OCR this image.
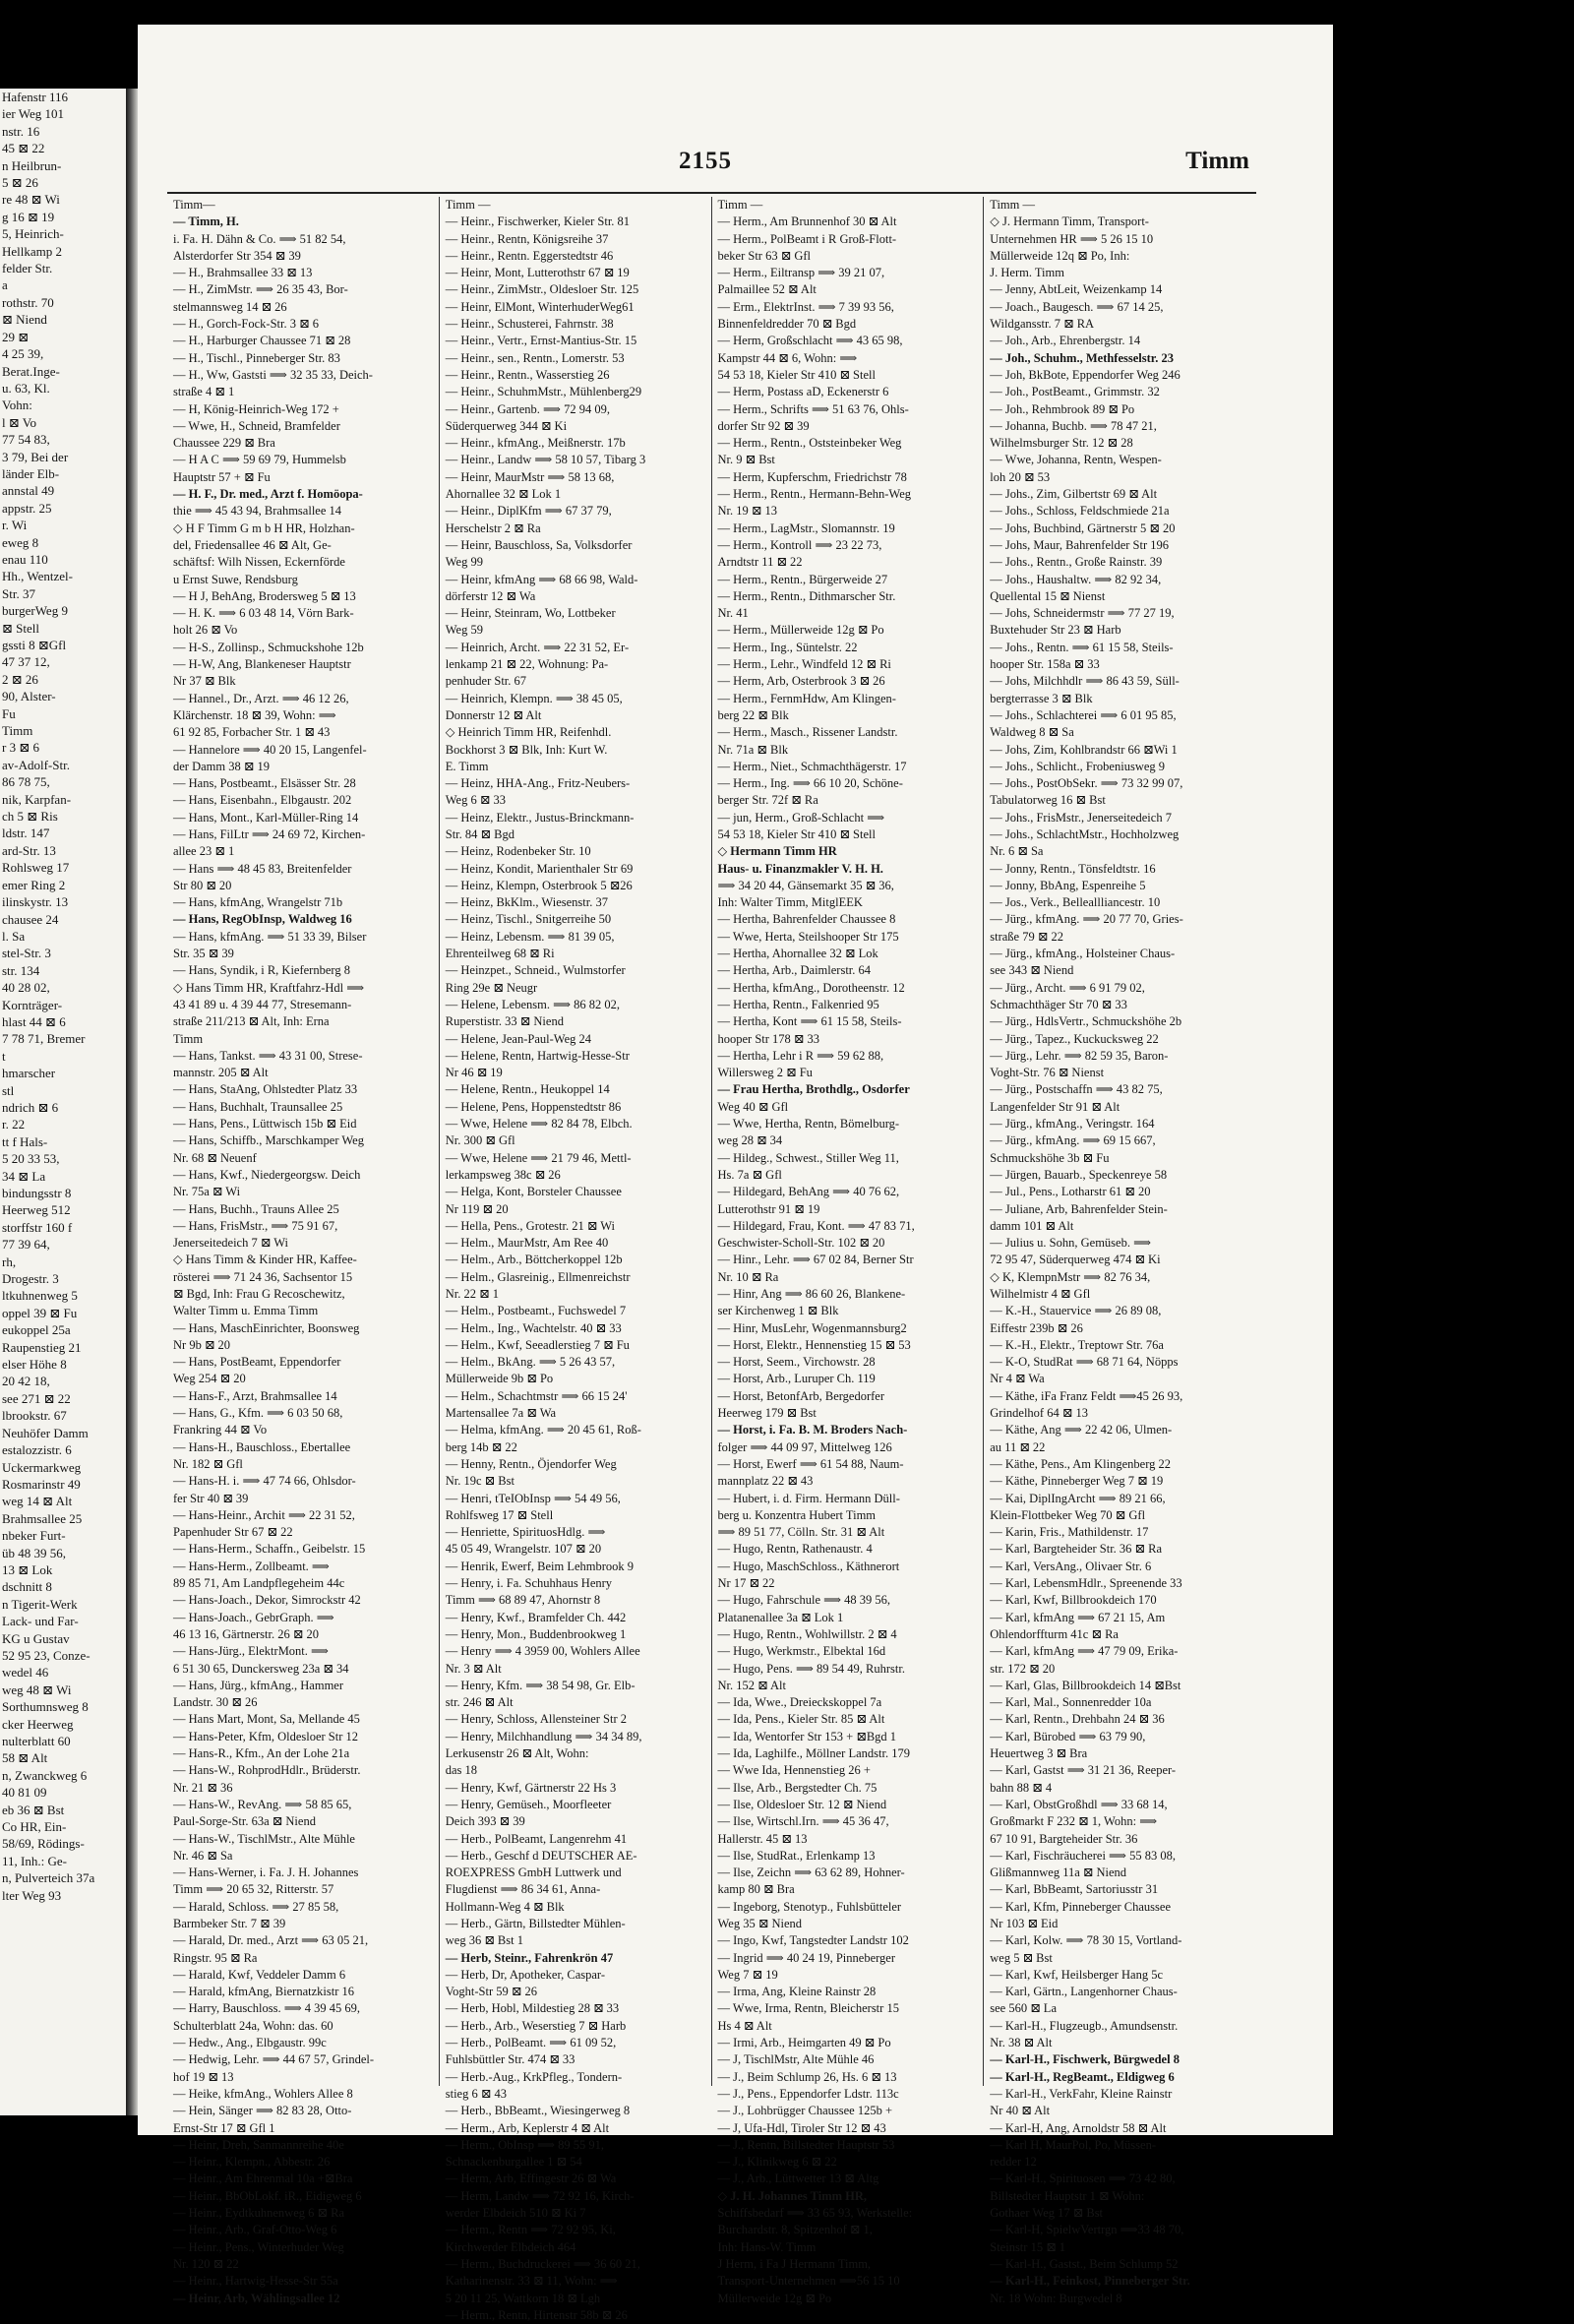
Hafenstr 116
ier Weg 101
nstr. 16
45 ⊠ 22
n Heilbrun-
5 ⊠ 26
re 48 ⊠ Wi
g 16 ⊠ 19
5, Heinrich-
Hellkamp 2
felder Str.
a
rothstr. 70
⊠ Niend
29 ⊠
4 25 39,
Berat.Inge-
u. 63, Kl.
Vohn:
l ⊠ Vo
77 54 83,
3 79, Bei der
länder Elb-
annstal 49
appstr. 25
r. Wi
eweg 8
enau 110
Hh., Wentzel-
Str. 37
burgerWeg 9
⊠ Stell
gssti 8 ⊠Gfl
47 37 12,
2 ⊠ 26
90, Alster-
Fu
Timm
r 3 ⊠ 6
av-Adolf-Str.
86 78 75,
nik, Karpfan-
ch 5 ⊠ Ris
ldstr. 147
ard-Str. 13
Rohlsweg 17
emer Ring 2
ilinskystr. 13
chausee 24
l. Sa
stel-Str. 3
str. 134
40 28 02,
Kornträger-
hlast 44 ⊠ 6
7 78 71, Bremer
t
hmarscher
stl
ndrich ⊠ 6
r. 22
tt f Hals-
5 20 33 53,
34 ⊠ La
bindungsstr 8
Heerweg 512
storffstr 160 f
77 39 64,
rh,
Drogestr. 3
ltkuhnenweg 5
oppel 39 ⊠ Fu
eukoppel 25a
Raupenstieg 21
elser Höhe 8
20 42 18,
see 271 ⊠ 22
lbrookstr. 67
Neuhöfer Damm
estalozzistr. 6
Uckermarkweg
Rosmarinstr 49
weg 14 ⊠ Alt
Brahmsallee 25
nbeker Furt-
üb 48 39 56,
13 ⊠ Lok
dschnitt 8
n Tigerit-Werk
Lack- und Far-
KG u Gustav
52 95 23, Conze-
wedel 46
weg 48 ⊠ Wi
Sorthumnsweg 8
cker Heerweg
nulterblatt 60
58 ⊠ Alt
n, Zwanckweg 6
40 81 09
eb 36 ⊠ Bst
Co HR, Ein-
58/69, Rödings-
11, Inh.: Ge-
n, Pulverteich 37a
lter Weg 93
2155	Timm
Timm—
— Timm, H.
i. Fa. H. Dähn & Co. ⟹ 51 82 54,
Alsterdorfer Str 354 ⊠ 39
— H., Brahmsallee 33 ⊠ 13
— H., ZimMstr. ⟹ 26 35 43, Bor-
stelmannsweg 14 ⊠ 26
— H., Gorch-Fock-Str. 3 ⊠ 6
— H., Harburger Chaussee 71 ⊠ 28
— H., Tischl., Pinneberger Str. 83
— H., Ww, Gaststi ⟹ 32 35 33, Deich-
straße 4 ⊠ 1
— H, König-Heinrich-Weg 172 +
— Wwe, H., Schneid, Bramfelder
Chaussee 229 ⊠ Bra
— H A C ⟹ 59 69 79, Hummelsb
Hauptstr 57 + ⊠ Fu
— H. F., Dr. med., Arzt f. Homöopa-
thie ⟹ 45 43 94, Brahmsallee 14
◇ H F Timm G m b H HR, Holzhan-
del, Friedensallee 46 ⊠ Alt, Ge-
schäftsf: Wilh Nissen, Eckernförde
u Ernst Suwe, Rendsburg
— H J, BehAng, Brodersweg 5 ⊠ 13
— H. K. ⟹ 6 03 48 14, Vörn Bark-
holt 26 ⊠ Vo
— H-S., Zollinsp., Schmuckshohe 12b
— H-W, Ang, Blankeneser Hauptstr
Nr 37 ⊠ Blk
— Hannel., Dr., Arzt. ⟹ 46 12 26,
Klärchenstr. 18 ⊠ 39, Wohn: ⟹
61 92 85, Forbacher Str. 1 ⊠ 43
— Hannelore ⟹ 40 20 15, Langenfel-
der Damm 38 ⊠ 19
— Hans, Postbeamt., Elsässer Str. 28
— Hans, Eisenbahn., Elbgaustr. 202
— Hans, Mont., Karl-Müller-Ring 14
— Hans, FilLtr ⟹ 24 69 72, Kirchen-
allee 23 ⊠ 1
— Hans ⟹ 48 45 83, Breitenfelder
Str 80 ⊠ 20
— Hans, kfmAng, Wrangelstr 71b
— Hans, RegObInsp, Waldweg 16
— Hans, kfmAng. ⟹ 51 33 39, Bilser
Str. 35 ⊠ 39
— Hans, Syndik, i R, Kiefernberg 8
◇ Hans Timm HR, Kraftfahrz-Hdl ⟹
43 41 89 u. 4 39 44 77, Stresemann-
straße 211/213 ⊠ Alt, Inh: Erna
Timm
— Hans, Tankst. ⟹ 43 31 00, Strese-
mannstr. 205 ⊠ Alt
— Hans, StaAng, Ohlstedter Platz 33
— Hans, Buchhalt, Traunsallee 25
— Hans, Pens., Lüttwisch 15b ⊠ Eid
— Hans, Schiffb., Marschkamper Weg
Nr. 68 ⊠ Neuenf
— Hans, Kwf., Niedergeorgsw. Deich
Nr. 75a ⊠ Wi
— Hans, Buchh., Trauns Allee 25
— Hans, FrisMstr., ⟹ 75 91 67,
Jenerseitedeich 7 ⊠ Wi
◇ Hans Timm & Kinder HR, Kaffee-
rösterei ⟹ 71 24 36, Sachsentor 15
⊠ Bgd, Inh: Frau G Recoschewitz,
Walter Timm u. Emma Timm
— Hans, MaschEinrichter, Boonsweg
Nr 9b ⊠ 20
— Hans, PostBeamt, Eppendorfer
Weg 254 ⊠ 20
— Hans-F., Arzt, Brahmsallee 14
— Hans, G., Kfm. ⟹ 6 03 50 68,
Frankring 44 ⊠ Vo
— Hans-H., Bauschloss., Ebertallee
Nr. 182 ⊠ Gfl
— Hans-H. i. ⟹ 47 74 66, Ohlsdor-
fer Str 40 ⊠ 39
— Hans-Heinr., Archit ⟹ 22 31 52,
Papenhuder Str 67 ⊠ 22
— Hans-Herm., Schaffn., Geibelstr. 15
— Hans-Herm., Zollbeamt. ⟹
89 85 71, Am Landpflegeheim 44c
— Hans-Joach., Dekor, Simrockstr 42
— Hans-Joach., GebrGraph. ⟹
46 13 16, Gärtnerstr. 26 ⊠ 20
— Hans-Jürg., ElektrMont. ⟹
6 51 30 65, Dunckersweg 23a ⊠ 34
— Hans, Jürg., kfmAng., Hammer
Landstr. 30 ⊠ 26
— Hans Mart, Mont, Sa, Mellande 45
— Hans-Peter, Kfm, Oldesloer Str 12
— Hans-R., Kfm., An der Lohe 21a
— Hans-W., RohprodHdlr., Brüderstr.
Nr. 21 ⊠ 36
— Hans-W., RevAng. ⟹ 58 85 65,
Paul-Sorge-Str. 63a ⊠ Niend
— Hans-W., TischlMstr., Alte Mühle
Nr. 46 ⊠ Sa
— Hans-Werner, i. Fa. J. H. Johannes
Timm ⟹ 20 65 32, Ritterstr. 57
— Harald, Schloss. ⟹ 27 85 58,
Barmbeker Str. 7 ⊠ 39
— Harald, Dr. med., Arzt ⟹ 63 05 21,
Ringstr. 95 ⊠ Ra
— Harald, Kwf, Veddeler Damm 6
— Harald, kfmAng, Biernatzkistr 16
— Harry, Bauschloss. ⟹ 4 39 45 69,
Schulterblatt 24a, Wohn: das. 60
— Hedw., Ang., Elbgaustr. 99c
— Hedwig, Lehr. ⟹ 44 67 57, Grindel-
hof 19 ⊠ 13
— Heike, kfmAng., Wohlers Allee 8
— Hein, Sänger ⟹ 82 83 28, Otto-
Ernst-Str 17 ⊠ Gfl 1
— Heinr, Dreh, Sanmannreihe 40e
— Heinr., Klempn., Abbestr. 26
— Heinr., Am Ehrenmal 10a +⊠Bra
— Heinr., BbObLokf. iR., Eidigweg 6
— Heinr., Eydtkuhnenweg 6 ⊠ Ra
— Heinr., Arb., Graf-Otto-Weg 6
— Heinr., Pens., Winterhuder Weg
Nr. 120 ⊠ 22
— Heinr., Hartwig-Hesse-Str 55a
— Heinr, Arb, Wählingsallee 12
Timm —
— Heinr., Fischwerker, Kieler Str. 81
— Heinr., Rentn, Königsreihe 37
— Heinr., Rentn. Eggerstedtstr 46
— Heinr, Mont, Lutterothstr 67 ⊠ 19
— Heinr., ZimMstr., Oldesloer Str. 125
— Heinr, ElMont, WinterhuderWeg61
— Heinr., Schusterei, Fahrnstr. 38
— Heinr., Vertr., Ernst-Mantius-Str. 15
— Heinr., sen., Rentn., Lomerstr. 53
— Heinr., Rentn., Wasserstieg 26
— Heinr., SchuhmMstr., Mühlenberg29
— Heinr., Gartenb. ⟹ 72 94 09,
Süderquerweg 344 ⊠ Ki
— Heinr., kfmAng., Meißnerstr. 17b
— Heinr., Landw ⟹ 58 10 57, Tibarg 3
— Heinr, MaurMstr ⟹ 58 13 68,
Ahornallee 32 ⊠ Lok 1
— Heinr., DiplKfm ⟹ 67 37 79,
Herschelstr 2 ⊠ Ra
— Heinr, Bauschloss, Sa, Volksdorfer
Weg 99
— Heinr, kfmAng ⟹ 68 66 98, Wald-
dörferstr 12 ⊠ Wa
— Heinr, Steinram, Wo, Lottbeker
Weg 59
— Heinrich, Archt. ⟹ 22 31 52, Er-
lenkamp 21 ⊠ 22, Wohnung: Pa-
penhuder Str. 67
— Heinrich, Klempn. ⟹ 38 45 05,
Donnerstr 12 ⊠ Alt
◇ Heinrich Timm HR, Reifenhdl.
Bockhorst 3 ⊠ Blk, Inh: Kurt W.
E. Timm
— Heinz, HHA-Ang., Fritz-Neubers-
Weg 6 ⊠ 33
— Heinz, Elektr., Justus-Brinckmann-
Str. 84 ⊠ Bgd
— Heinz, Rodenbeker Str. 10
— Heinz, Kondit, Marienthaler Str 69
— Heinz, Klempn, Osterbrook 5 ⊠26
— Heinz, BkKlm., Wiesenstr. 37
— Heinz, Tischl., Snitgerreihe 50
— Heinz, Lebensm. ⟹ 81 39 05,
Ehrenteilweg 68 ⊠ Ri
— Heinzpet., Schneid., Wulmstorfer
Ring 29e ⊠ Neugr
— Helene, Lebensm. ⟹ 86 82 02,
Ruperstistr. 33 ⊠ Niend
— Helene, Jean-Paul-Weg 24
— Helene, Rentn, Hartwig-Hesse-Str
Nr 46 ⊠ 19
— Helene, Rentn., Heukoppel 14
— Helene, Pens, Hoppenstedtstr 86
— Wwe, Helene ⟹ 82 84 78, Elbch.
Nr. 300 ⊠ Gfl
— Wwe, Helene ⟹ 21 79 46, Mettl-
lerkampsweg 38c ⊠ 26
— Helga, Kont, Borsteler Chaussee
Nr 119 ⊠ 20
— Hella, Pens., Grotestr. 21 ⊠ Wi
— Helm., MaurMstr, Am Ree 40
— Helm., Arb., Böttcherkoppel 12b
— Helm., Glasreinig., Ellmenreichstr
Nr. 22 ⊠ 1
— Helm., Postbeamt., Fuchswedel 7
— Helm., Ing., Wachtelstr. 40 ⊠ 33
— Helm., Kwf, Seeadlerstieg 7 ⊠ Fu
— Helm., BkAng. ⟹ 5 26 43 57,
Müllerweide 9b ⊠ Po
— Helm., Schachtmstr ⟹ 66 15 24'
Martensallee 7a ⊠ Wa
— Helma, kfmAng. ⟹ 20 45 61, Roß-
berg 14b ⊠ 22
— Henny, Rentn., Öjendorfer Weg
Nr. 19c ⊠ Bst
— Henri, tTeIObInsp ⟹ 54 49 56,
Rohlfsweg 17 ⊠ Stell
— Henriette, SpirituosHdlg. ⟹
45 05 49, Wrangelstr. 107 ⊠ 20
— Henrik, Ewerf, Beim Lehmbrook 9
— Henry, i. Fa. Schuhhaus Henry
Timm ⟹ 68 89 47, Ahornstr 8
— Henry, Kwf., Bramfelder Ch. 442
— Henry, Mon., Buddenbrookweg 1
— Henry ⟹ 4 3959 00, Wohlers Allee
Nr. 3 ⊠ Alt
— Henry, Kfm. ⟹ 38 54 98, Gr. Elb-
str. 246 ⊠ Alt
— Henry, Schloss, Allensteiner Str 2
— Henry, Milchhandlung ⟹ 34 34 89,
Lerkusenstr 26 ⊠ Alt, Wohn:
das 18
— Henry, Kwf, Gärtnerstr 22 Hs 3
— Henry, Gemüseh., Moorfleeter
Deich 393 ⊠ 39
— Herb., PolBeamt, Langenrehm 41
— Herb., Geschf d DEUTSCHER AE-
ROEXPRESS GmbH Luttwerk und
Flugdienst ⟹ 86 34 61, Anna-
Hollmann-Weg 4 ⊠ Blk
— Herb., Gärtn, Billstedter Mühlen-
weg 36 ⊠ Bst 1
— Herb, Steinr., Fahrenkrön 47
— Herb, Dr, Apotheker, Caspar-
Voght-Str 59 ⊠ 26
— Herb, Hobl, Mildestieg 28 ⊠ 33
— Herb., Arb., Weserstieg 7 ⊠ Harb
— Herb., PolBeamt. ⟹ 61 09 52,
Fuhlsbüttler Str. 474 ⊠ 33
— Herb.-Aug., KrkPfleg., Tondern-
stieg 6 ⊠ 43
— Herb., BbBeamt., Wiesingerweg 8
— Herm., Arb, Keplerstr 4 ⊠ Alt
— Herm., ObInsp ⟹ 89 55 91,
Schnackenburgallee 1 ⊠ 54
— Herm, Arb, Effingestr 26 ⊠ Wa
— Herm, Landw ⟹ 72 92 16, Kirch-
werder Elbdeich 510 ⊠ Ki 7
— Herm., Rentn ⟹ 72 92 95, Ki,
Kirchwerder Elbdeich 464
— Herm., Buchdruckerei ⟹ 36 60 21,
Katharinenstr. 33 ⊠ 11, Wohn: ⟹
5 20 11 25, Wattkorn 18 ⊠ Lgh
— Herm., Rentn, Hirtenstr 58b ⊠ 26
Timm —
— Herm., Am Brunnenhof 30 ⊠ Alt
— Herm., PolBeamt i R Groß-Flott-
beker Str 63 ⊠ Gfl
— Herm., Eiltransp ⟹ 39 21 07,
Palmaillee 52 ⊠ Alt
— Erm., ElektrInst. ⟹ 7 39 93 56,
Binnenfeldredder 70 ⊠ Bgd
— Herm, Großschlacht ⟹ 43 65 98,
Kampstr 44 ⊠ 6, Wohn: ⟹
54 53 18, Kieler Str 410 ⊠ Stell
— Herm, Postass aD, Eckenerstr 6
— Herm., Schrifts ⟹ 51 63 76, Ohls-
dorfer Str 92 ⊠ 39
— Herm., Rentn., Oststeinbeker Weg
Nr. 9 ⊠ Bst
— Herm, Kupferschm, Friedrichstr 78
— Herm., Rentn., Hermann-Behn-Weg
Nr. 19 ⊠ 13
— Herm., LagMstr., Slomannstr. 19
— Herm., Kontroll ⟹ 23 22 73,
Arndtstr 11 ⊠ 22
— Herm., Rentn., Bürgerweide 27
— Herm., Rentn., Dithmarscher Str.
Nr. 41
— Herm., Müllerweide 12g ⊠ Po
— Herm., Ing., Süntelstr. 22
— Herm., Lehr., Windfeld 12 ⊠ Ri
— Herm, Arb, Osterbrook 3 ⊠ 26
— Herm., FernmHdw, Am Klingen-
berg 22 ⊠ Blk
— Herm., Masch., Rissener Landstr.
Nr. 71a ⊠ Blk
— Herm., Niet., Schmachthägerstr. 17
— Herm., Ing. ⟹ 66 10 20, Schöne-
berger Str. 72f ⊠ Ra
— jun, Herm., Groß-Schlacht ⟹
54 53 18, Kieler Str 410 ⊠ Stell
◇ Hermann Timm HR
Haus- u. Finanzmakler V. H. H.
⟹ 34 20 44, Gänsemarkt 35 ⊠ 36,
Inh: Walter Timm, MitglEEK
— Hertha, Bahrenfelder Chaussee 8
— Wwe, Herta, Steilshooper Str 175
— Hertha, Ahornallee 32 ⊠ Lok
— Hertha, Arb., Daimlerstr. 64
— Hertha, kfmAng., Dorotheenstr. 12
— Hertha, Rentn., Falkenried 95
— Hertha, Kont ⟹ 61 15 58, Steils-
hooper Str 178 ⊠ 33
— Hertha, Lehr i R ⟹ 59 62 88,
Willersweg 2 ⊠ Fu
— Frau Hertha, Brothdlg., Osdorfer
Weg 40 ⊠ Gfl
— Wwe, Hertha, Rentn, Bömelburg-
weg 28 ⊠ 34
— Hildeg., Schwest., Stiller Weg 11,
Hs. 7a ⊠ Gfl
— Hildegard, BehAng ⟹ 40 76 62,
Lutterothstr 91 ⊠ 19
— Hildegard, Frau, Kont. ⟹ 47 83 71,
Geschwister-Scholl-Str. 102 ⊠ 20
— Hinr., Lehr. ⟹ 67 02 84, Berner Str
Nr. 10 ⊠ Ra
— Hinr, Ang ⟹ 86 60 26, Blankene-
ser Kirchenweg 1 ⊠ Blk
— Hinr, MusLehr, Wogenmannsburg2
— Horst, Elektr., Hennenstieg 15 ⊠ 53
— Horst, Seem., Virchowstr. 28
— Horst, Arb., Luruper Ch. 119
— Horst, BetonfArb, Bergedorfer
Heerweg 179 ⊠ Bst
— Horst, i. Fa. B. M. Broders Nach-
folger ⟹ 44 09 97, Mittelweg 126
— Horst, Ewerf ⟹ 61 54 88, Naum-
mannplatz 22 ⊠ 43
— Hubert, i. d. Firm. Hermann Düll-
berg u. Konzentra Hubert Timm
⟹ 89 51 77, Cölln. Str. 31 ⊠ Alt
— Hugo, Rentn, Rathenaustr. 4
— Hugo, MaschSchloss., Käthnerort
Nr 17 ⊠ 22
— Hugo, Fahrschule ⟹ 48 39 56,
Platanenallee 3a ⊠ Lok 1
— Hugo, Rentn., Wohlwillstr. 2 ⊠ 4
— Hugo, Werkmstr., Elbektal 16d
— Hugo, Pens. ⟹ 89 54 49, Ruhrstr.
Nr. 152 ⊠ Alt
— Ida, Wwe., Dreieckskoppel 7a
— Ida, Pens., Kieler Str. 85 ⊠ Alt
— Ida, Wentorfer Str 153 + ⊠Bgd 1
— Ida, Laghilfe., Möllner Landstr. 179
— Wwe Ida, Hennenstieg 26 +
— Ilse, Arb., Bergstedter Ch. 75
— Ilse, Oldesloer Str. 12 ⊠ Niend
— Ilse, Wirtschl.Irn. ⟹ 45 36 47,
Hallerstr. 45 ⊠ 13
— Ilse, StudRat., Erlenkamp 13
— Ilse, Zeichn ⟹ 63 62 89, Hohner-
kamp 80 ⊠ Bra
— Ingeborg, Stenotyp., Fuhlsbütteler
Weg 35 ⊠ Niend
— Ingo, Kwf, Tangstedter Landstr 102
— Ingrid ⟹ 40 24 19, Pinneberger
Weg 7 ⊠ 19
— Irma, Ang, Kleine Rainstr 28
— Wwe, Irma, Rentn, Bleicherstr 15
Hs 4 ⊠ Alt
— Irmi, Arb., Heimgarten 49 ⊠ Po
— J, TischlMstr, Alte Mühle 46
— J., Beim Schlump 26, Hs. 6 ⊠ 13
— J., Pens., Eppendorfer Ldstr. 113c
— J., Lohbrügger Chaussee 125b +
— J, Ufa-Hdl, Tiroler Str 12 ⊠ 43
— J., Rentn, Billstedter Hauptstr 53
— J., Klinikweg 6 ⊠ 22
— J., Arb., Lüttwetter 13 ⊠ Altg
◇ J. H. Johannes Timm HR,
Schiffsbedarf ⟹ 33 65 93, Werkstelle:
Burchardstr. 8, Spitzenhof ⊠ 1,
Inh: Hans-W. Timm
J Herm, i Fa J Hermann Timm,
Transport-Unternehmen ⟹56 15 10
Müllerweide 12g ⊠ Po
Timm —
◇ J. Hermann Timm, Transport-
Unternehmen HR ⟹ 5 26 15 10
Müllerweide 12q ⊠ Po, Inh:
J. Herm. Timm
— Jenny, AbtLeit, Weizenkamp 14
— Joach., Baugesch. ⟹ 67 14 25,
Wildgansstr. 7 ⊠ RA
— Joh., Arb., Ehrenbergstr. 14
— Joh., Schuhm., Methfesselstr. 23
— Joh, BkBote, Eppendorfer Weg 246
— Joh., PostBeamt., Grimmstr. 32
— Joh., Rehmbrook 89 ⊠ Po
— Johanna, Buchb. ⟹ 78 47 21,
Wilhelmsburger Str. 12 ⊠ 28
— Wwe, Johanna, Rentn, Wespen-
loh 20 ⊠ 53
— Johs., Zim, Gilbertstr 69 ⊠ Alt
— Johs., Schloss, Feldschmiede 21a
— Johs, Buchbind, Gärtnerstr 5 ⊠ 20
— Johs, Maur, Bahrenfelder Str 196
— Johs., Rentn., Große Rainstr. 39
— Johs., Haushaltw. ⟹ 82 92 34,
Quellental 15 ⊠ Nienst
— Johs, Schneidermstr ⟹ 77 27 19,
Buxtehuder Str 23 ⊠ Harb
— Johs., Rentn. ⟹ 61 15 58, Steils-
hooper Str. 158a ⊠ 33
— Johs, Milchhdlr ⟹ 86 43 59, Süll-
bergterrasse 3 ⊠ Blk
— Johs., Schlachterei ⟹ 6 01 95 85,
Waldweg 8 ⊠ Sa
— Johs, Zim, Kohlbrandstr 66 ⊠Wi 1
— Johs., Schlicht., Frobeniusweg 9
— Johs., PostObSekr. ⟹ 73 32 99 07,
Tabulatorweg 16 ⊠ Bst
— Johs., FrisMstr., Jenerseitedeich 7
— Johs., SchlachtMstr., Hochholzweg
Nr. 6 ⊠ Sa
— Jonny, Rentn., Tönsfeldtstr. 16
— Jonny, BbAng, Espenreihe 5
— Jos., Verk., Belleallliancestr. 10
— Jürg., kfmAng. ⟹ 20 77 70, Gries-
straße 79 ⊠ 22
— Jürg., kfmAng., Holsteiner Chaus-
see 343 ⊠ Niend
— Jürg., Archt. ⟹ 6 91 79 02,
Schmachthäger Str 70 ⊠ 33
— Jürg., HdlsVertr., Schmuckshöhe 2b
— Jürg., Tapez., Kuckucksweg 22
— Jürg., Lehr. ⟹ 82 59 35, Baron-
Voght-Str. 76 ⊠ Nienst
— Jürg., Postschaffn ⟹ 43 82 75,
Langenfelder Str 91 ⊠ Alt
— Jürg., kfmAng., Veringstr. 164
— Jürg., kfmAng. ⟹ 69 15 667,
Schmuckshöhe 3b ⊠ Fu
— Jürgen, Bauarb., Speckenreye 58
— Jul., Pens., Lotharstr 61 ⊠ 20
— Juliane, Arb, Bahrenfelder Stein-
damm 101 ⊠ Alt
— Julius u. Sohn, Gemüseb. ⟹
72 95 47, Süderquerweg 474 ⊠ Ki
◇ K, KlempnMstr ⟹ 82 76 34,
Wilhelmistr 4 ⊠ Gfl
— K.-H., Stauervice ⟹ 26 89 08,
Eiffestr 239b ⊠ 26
— K.-H., Elektr., Treptowr Str. 76a
— K-O, StudRat ⟹ 68 71 64, Nöpps
Nr 4 ⊠ Wa
— Käthe, iFa Franz Feldt ⟹45 26 93,
Grindelhof 64 ⊠ 13
— Käthe, Ang ⟹ 22 42 06, Ulmen-
au 11 ⊠ 22
— Käthe, Pens., Am Klingenberg 22
— Käthe, Pinneberger Weg 7 ⊠ 19
— Kai, DiplIngArcht ⟹ 89 21 66,
Klein-Flottbeker Weg 70 ⊠ Gfl
— Karin, Fris., Mathildenstr. 17
— Karl, Bargteheider Str. 36 ⊠ Ra
— Karl, VersAng., Olivaer Str. 6
— Karl, LebensmHdlr., Spreenende 33
— Karl, Kwf, Billbrookdeich 170
— Karl, kfmAng ⟹ 67 21 15, Am
Ohlendorffturm 41c ⊠ Ra
— Karl, kfmAng ⟹ 47 79 09, Erika-
str. 172 ⊠ 20
— Karl, Glas, Billbrookdeich 14 ⊠Bst
— Karl, Mal., Sonnenredder 10a
— Karl, Rentn., Drehbahn 24 ⊠ 36
— Karl, Bürobed ⟹ 63 79 90,
Heuertweg 3 ⊠ Bra
— Karl, Gastst ⟹ 31 21 36, Reeper-
bahn 88 ⊠ 4
— Karl, ObstGroßhdl ⟹ 33 68 14,
Großmarkt F 232 ⊠ 1, Wohn: ⟹
67 10 91, Bargteheider Str. 36
— Karl, Fischräucherei ⟹ 55 83 08,
Glißmannweg 11a ⊠ Niend
— Karl, BbBeamt, Sartoriusstr 31
— Karl, Kfm, Pinneberger Chaussee
Nr 103 ⊠ Eid
— Karl, Kolw. ⟹ 78 30 15, Vortland-
weg 5 ⊠ Bst
— Karl, Kwf, Heilsberger Hang 5c
— Karl, Gärtn., Langenhorner Chaus-
see 560 ⊠ La
— Karl-H., Flugzeugb., Amundsenstr.
Nr. 38 ⊠ Alt
— Karl-H., Fischwerk, Bürgwedel 8
— Karl-H., RegBeamt., Eldigweg 6
— Karl-H., VerkFahr, Kleine Rainstr
Nr 40 ⊠ Alt
— Karl-H, Ang, Arnoldstr 58 ⊠ Alt
— Karl H, MaurPol, Po, Müssen-
redder 12
— Karl-H., Spirituosen ⟹ 73 42 80,
Billstedter Hauptstr 1 ⊠ Wohn:
Gothaer Weg 17 ⊠ Bst
— Karl-H, SpielwVertrgn ⟹33 48 70,
Steinstr 15 ⊠ 1
— Karl-H., Gastst., Beim Schlump 52
— Karl-H., Feinkost, Pinneberger Str.
Nr. 18 Wohn: Burgwedel 8
